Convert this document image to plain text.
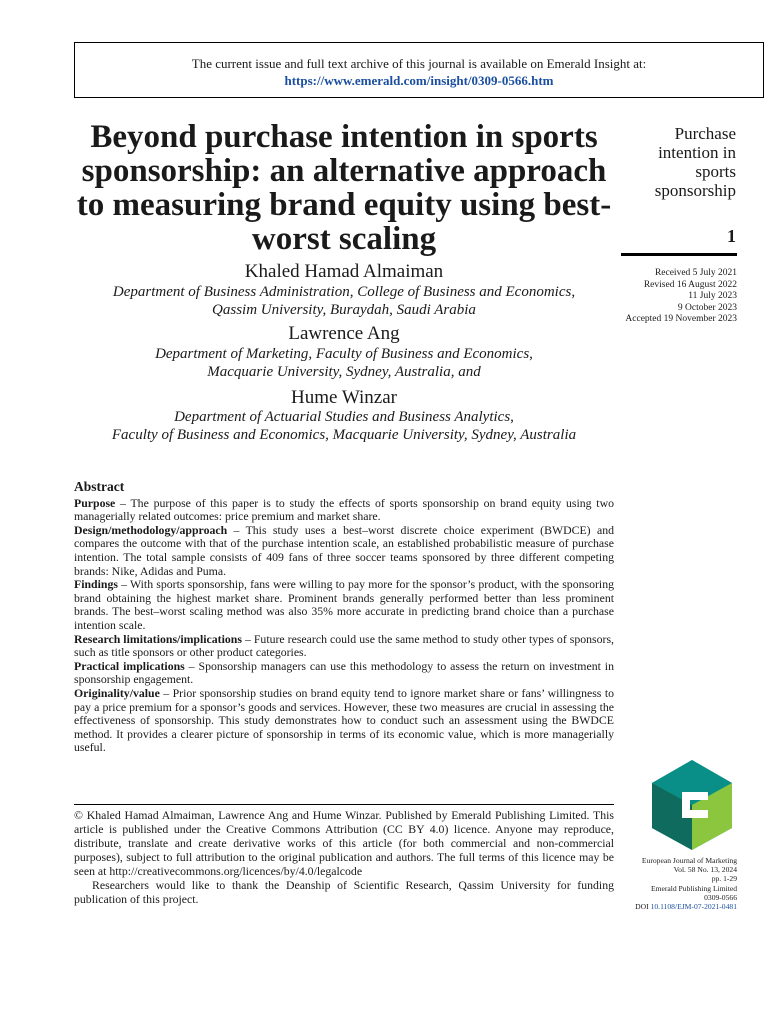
The current issue and full text archive of this journal is available on Emerald Insight at:
https://www.emerald.com/insight/0309-0566.htm
Beyond purchase intention in sports sponsorship: an alternative approach to measuring brand equity using best-worst scaling
Khaled Hamad Almaiman
Department of Business Administration, College of Business and Economics,
Qassim University, Buraydah, Saudi Arabia
Lawrence Ang
Department of Marketing, Faculty of Business and Economics,
Macquarie University, Sydney, Australia, and
Hume Winzar
Department of Actuarial Studies and Business Analytics,
Faculty of Business and Economics, Macquarie University, Sydney, Australia
Purchase
intention in
sports
sponsorship
1
Received 5 July 2021
Revised 16 August 2022
11 July 2023
9 October 2023
Accepted 19 November 2023
Abstract

Purpose – The purpose of this paper is to study the effects of sports sponsorship on brand equity using two managerially related outcomes: price premium and market share.

Design/methodology/approach – This study uses a best–worst discrete choice experiment (BWDCE) and compares the outcome with that of the purchase intention scale, an established probabilistic measure of purchase intention. The total sample consists of 409 fans of three soccer teams sponsored by three different competing brands: Nike, Adidas and Puma.

Findings – With sports sponsorship, fans were willing to pay more for the sponsor’s product, with the sponsoring brand obtaining the highest market share. Prominent brands generally performed better than less prominent brands. The best–worst scaling method was also 35% more accurate in predicting brand choice than a purchase intention scale.

Research limitations/implications – Future research could use the same method to study other types of sponsors, such as title sponsors or other product categories.

Practical implications – Sponsorship managers can use this methodology to assess the return on investment in sponsorship engagement.

Originality/value – Prior sponsorship studies on brand equity tend to ignore market share or fans’ willingness to pay a price premium for a sponsor’s goods and services. However, these two measures are crucial in assessing the effectiveness of sponsorship. This study demonstrates how to conduct such an assessment using the BWDCE method. It provides a clearer picture of sponsorship in terms of its economic value, which is more managerially useful.

© Khaled Hamad Almaiman, Lawrence Ang and Hume Winzar. Published by Emerald Publishing Limited. This article is published under the Creative Commons Attribution (CC BY 4.0) licence. Anyone may reproduce, distribute, translate and create derivative works of this article (for both commercial and non-commercial purposes), subject to full attribution to the original publication and authors. The full terms of this licence may be seen at http://creativecommons.org/licences/by/4.0/legalcode

Researchers would like to thank the Deanship of Scientific Research, Qassim University for funding publication of this project.

European Journal of Marketing
Vol. 58 No. 13, 2024
pp. 1-29
Emerald Publishing Limited
0309-0566
DOI 10.1108/EJM-07-2021-0481
